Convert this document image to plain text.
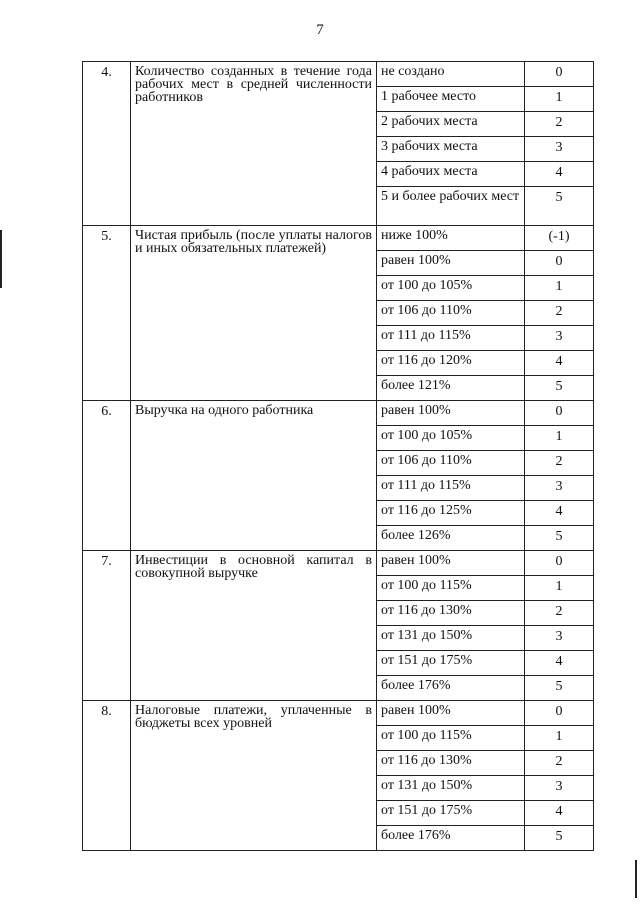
7
4.	Количество созданных в течение года рабочих мест в средней численности работников	не создано	0
		1 рабочее место	1
		2 рабочих места	2
		3 рабочих места	3
		4 рабочих места	4
		5 и более рабочих мест	5
5.	Чистая прибыль (после уплаты налогов и иных обязательных платежей)	ниже 100%	(-1)
		равен 100%	0
		от 100 до 105%	1
		от 106 до 110%	2
		от 111 до 115%	3
		от 116 до 120%	4
		более 121%	5
6.	Выручка на одного работника	равен 100%	0
		от 100 до 105%	1
		от 106 до 110%	2
		от 111 до 115%	3
		от 116 до 125%	4
		более 126%	5
7.	Инвестиции в основной капитал в совокупной выручке	равен 100%	0
		от 100 до 115%	1
		от 116 до 130%	2
		от 131 до 150%	3
		от 151 до 175%	4
		более 176%	5
8.	Налоговые платежи, уплаченные в бюджеты всех уровней	равен 100%	0
		от 100 до 115%	1
		от 116 до 130%	2
		от 131 до 150%	3
		от 151 до 175%	4
		более 176%	5
